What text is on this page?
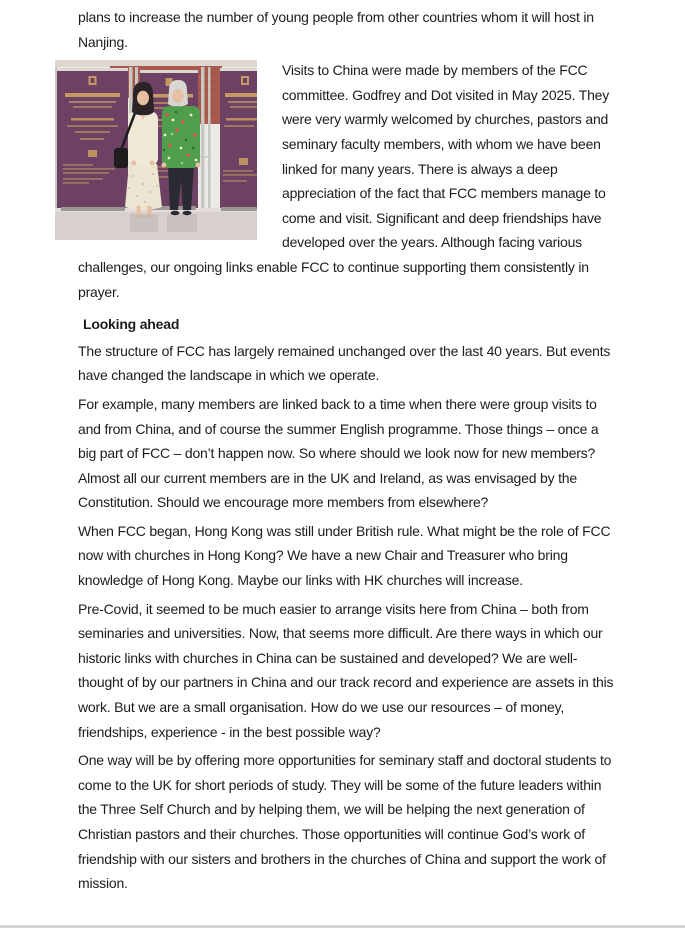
plans to increase the number of young people from other countries whom it will host in Nanjing.

Visits to China were made by members of the FCC committee. Godfrey and Dot visited in May 2025. They were very warmly welcomed by churches, pastors and seminary faculty members, with whom we have been linked for many years. There is always a deep appreciation of the fact that FCC members manage to come and visit. Significant and deep friendships have developed over the years. Although facing various challenges, our ongoing links enable FCC to continue supporting them consistently in prayer.

Looking ahead

The structure of FCC has largely remained unchanged over the last 40 years. But events have changed the landscape in which we operate.

For example, many members are linked back to a time when there were group visits to and from China, and of course the summer English programme. Those things – once a big part of FCC – don’t happen now. So where should we look now for new members? Almost all our current members are in the UK and Ireland, as was envisaged by the Constitution. Should we encourage more members from elsewhere?

When FCC began, Hong Kong was still under British rule. What might be the role of FCC now with churches in Hong Kong? We have a new Chair and Treasurer who bring knowledge of Hong Kong. Maybe our links with HK churches will increase.

Pre-Covid, it seemed to be much easier to arrange visits here from China – both from seminaries and universities. Now, that seems more difficult. Are there ways in which our historic links with churches in China can be sustained and developed? We are well-thought of by our partners in China and our track record and experience are assets in this work. But we are a small organisation. How do we use our resources – of money, friendships, experience - in the best possible way?

One way will be by offering more opportunities for seminary staff and doctoral students to come to the UK for short periods of study. They will be some of the future leaders within the Three Self Church and by helping them, we will be helping the next generation of Christian pastors and their churches. Those opportunities will continue God’s work of friendship with our sisters and brothers in the churches of China and support the work of mission.
